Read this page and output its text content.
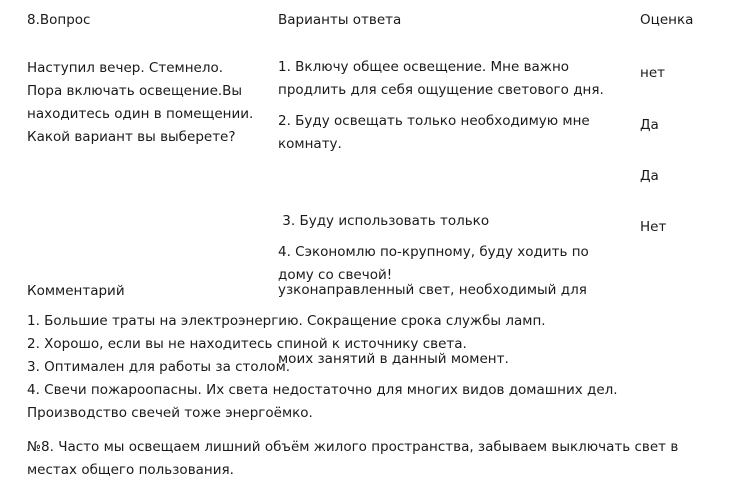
8.Вопрос	Варианты ответа	Оценка

Наступил вечер. Стемнело.

Пора включать освещение.Вы

находитесь один в помещении.

Какой вариант вы выберете?

1. Включу общее освещение. Мне важно

продлить для себя ощущение светового дня.

2. Буду освещать только необходимую мне

комнату.

3. Буду использовать только

узконаправленный свет, необходимый для

моих занятий в данный момент.

4. Сэкономлю по-крупному, буду ходить по

дому со свечой!

нет
Да
Да
Нет
Комментарий

1. Большие траты на электроэнергию. Сокращение срока службы ламп.

2. Хорошо, если вы не находитесь спиной к источнику света.

3. Оптимален для работы за столом.

4. Свечи пожароопасны. Их света недостаточно для многих видов домашних дел.

Производство свечей тоже энергоёмко.

№8. Часто мы освещаем лишний объём жилого пространства, забываем выключать свет в

местах общего пользования.
